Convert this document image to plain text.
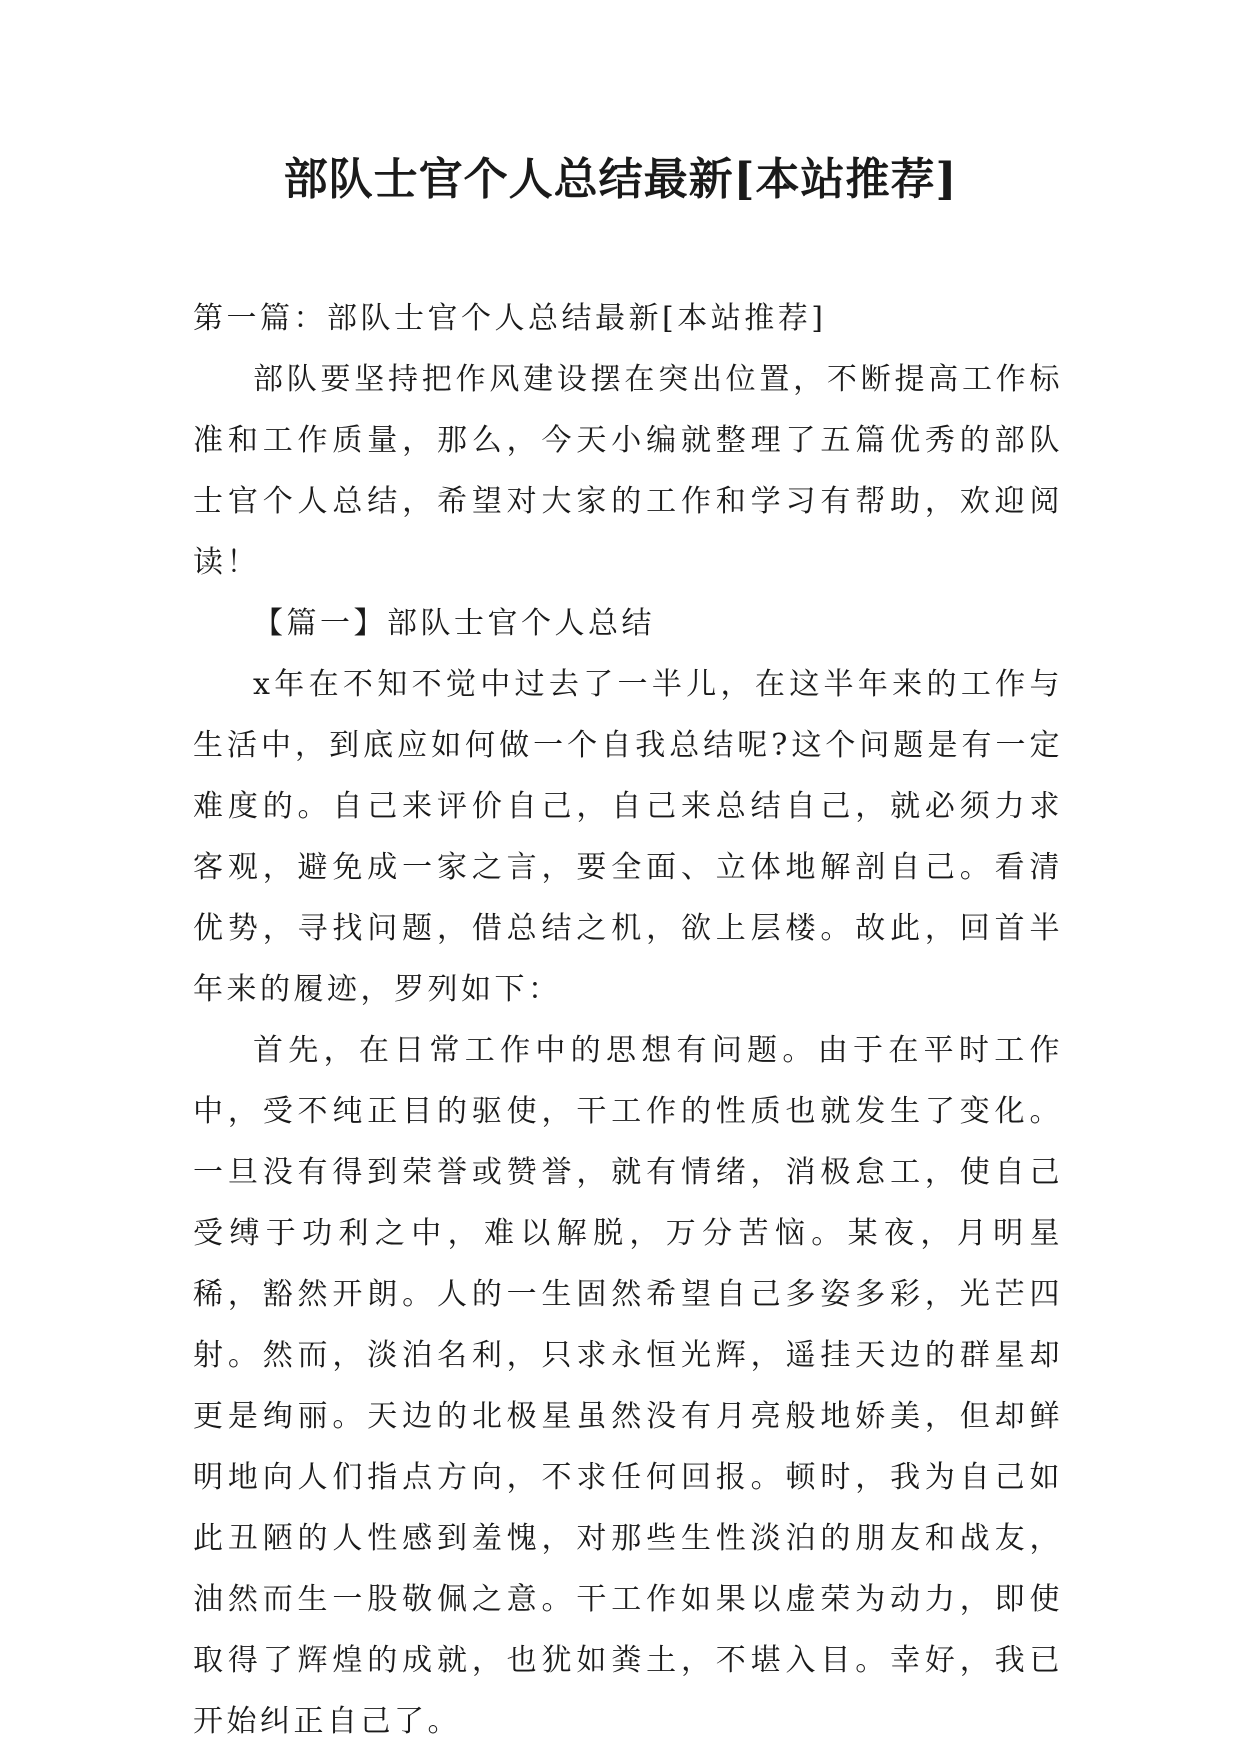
部队士官个人总结最新[本站推荐]

第一篇：部队士官个人总结最新[本站推荐]

部队要坚持把作风建设摆在突出位置，不断提高工作标准和工作质量，那么，今天小编就整理了五篇优秀的部队士官个人总结，希望对大家的工作和学习有帮助，欢迎阅读！

【篇一】部队士官个人总结

x年在不知不觉中过去了一半儿，在这半年来的工作与生活中，到底应如何做一个自我总结呢?这个问题是有一定难度的。自己来评价自己，自己来总结自己，就必须力求客观，避免成一家之言，要全面、立体地解剖自己。看清优势，寻找问题，借总结之机，欲上层楼。故此，回首半年来的履迹，罗列如下：

首先，在日常工作中的思想有问题。由于在平时工作中，受不纯正目的驱使，干工作的性质也就发生了变化。一旦没有得到荣誉或赞誉，就有情绪，消极怠工，使自己受缚于功利之中，难以解脱，万分苦恼。某夜，月明星稀，豁然开朗。人的一生固然希望自己多姿多彩，光芒四射。然而，淡泊名利，只求永恒光辉，遥挂天边的群星却更是绚丽。天边的北极星虽然没有月亮般地娇美，但却鲜明地向人们指点方向，不求任何回报。顿时，我为自己如此丑陋的人性感到羞愧，对那些生性淡泊的朋友和战友，油然而生一股敬佩之意。干工作如果以虚荣为动力，即使取得了辉煌的成就，也犹如粪土，不堪入目。幸好，我已开始纠正自己了。
